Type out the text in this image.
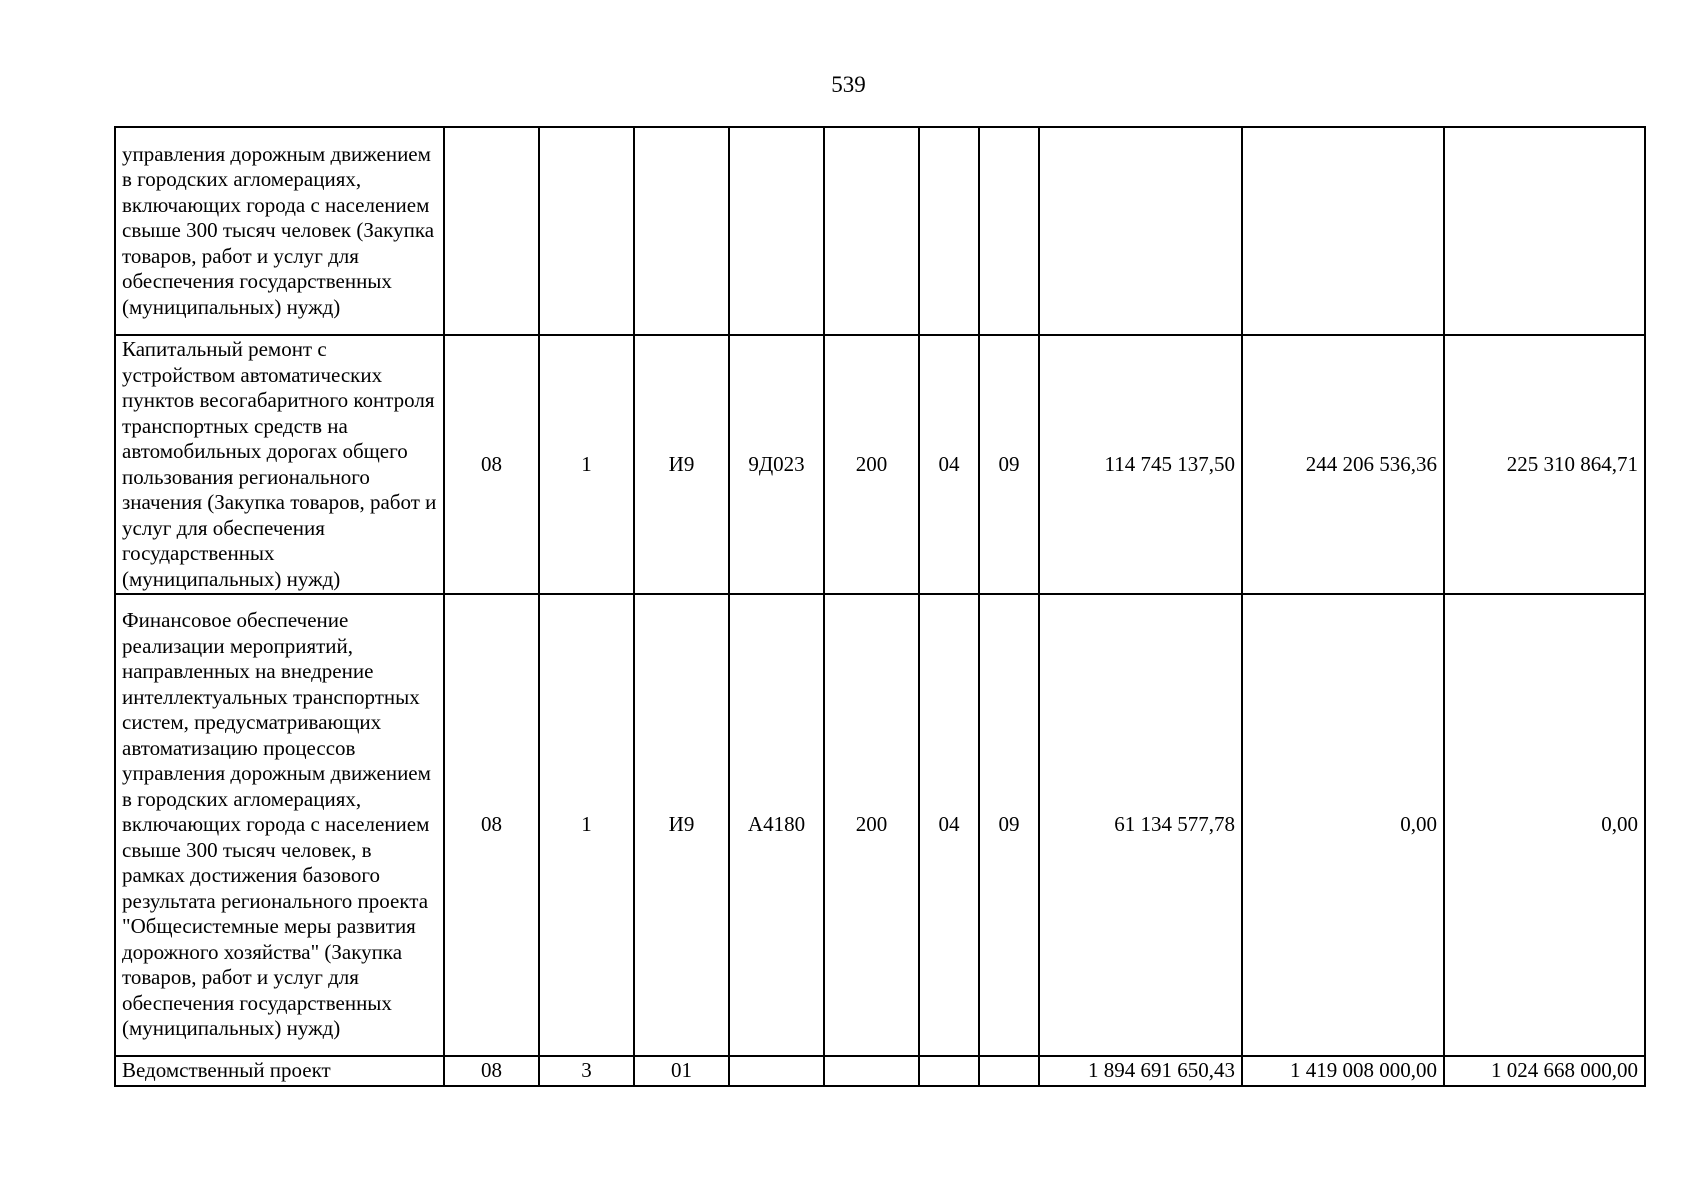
539
управления дорожным движением в городских агломерациях, включающих города с населением свыше 300 тысяч человек (Закупка товаров, работ и услуг для обеспечения государственных (муниципальных) нужд)										
Капитальный ремонт с устройством автоматических пунктов весогабаритного контроля транспортных средств на автомобильных дорогах общего пользования регионального значения (Закупка товаров, работ и услуг для обеспечения государственных (муниципальных) нужд)	08	1	И9	9Д023	200	04	09	114 745 137,50	244 206 536,36	225 310 864,71
Финансовое обеспечение реализации мероприятий, направленных на внедрение интеллектуальных транспортных систем, предусматривающих автоматизацию процессов управления дорожным движением в городских агломерациях, включающих города с населением свыше 300 тысяч человек, в рамках достижения базового результата регионального проекта "Общесистемные меры развития дорожного хозяйства" (Закупка товаров, работ и услуг для обеспечения государственных (муниципальных) нужд)	08	1	И9	А4180	200	04	09	61 134 577,78	0,00	0,00
Ведомственный проект	08	3	01					1 894 691 650,43	1 419 008 000,00	1 024 668 000,00
